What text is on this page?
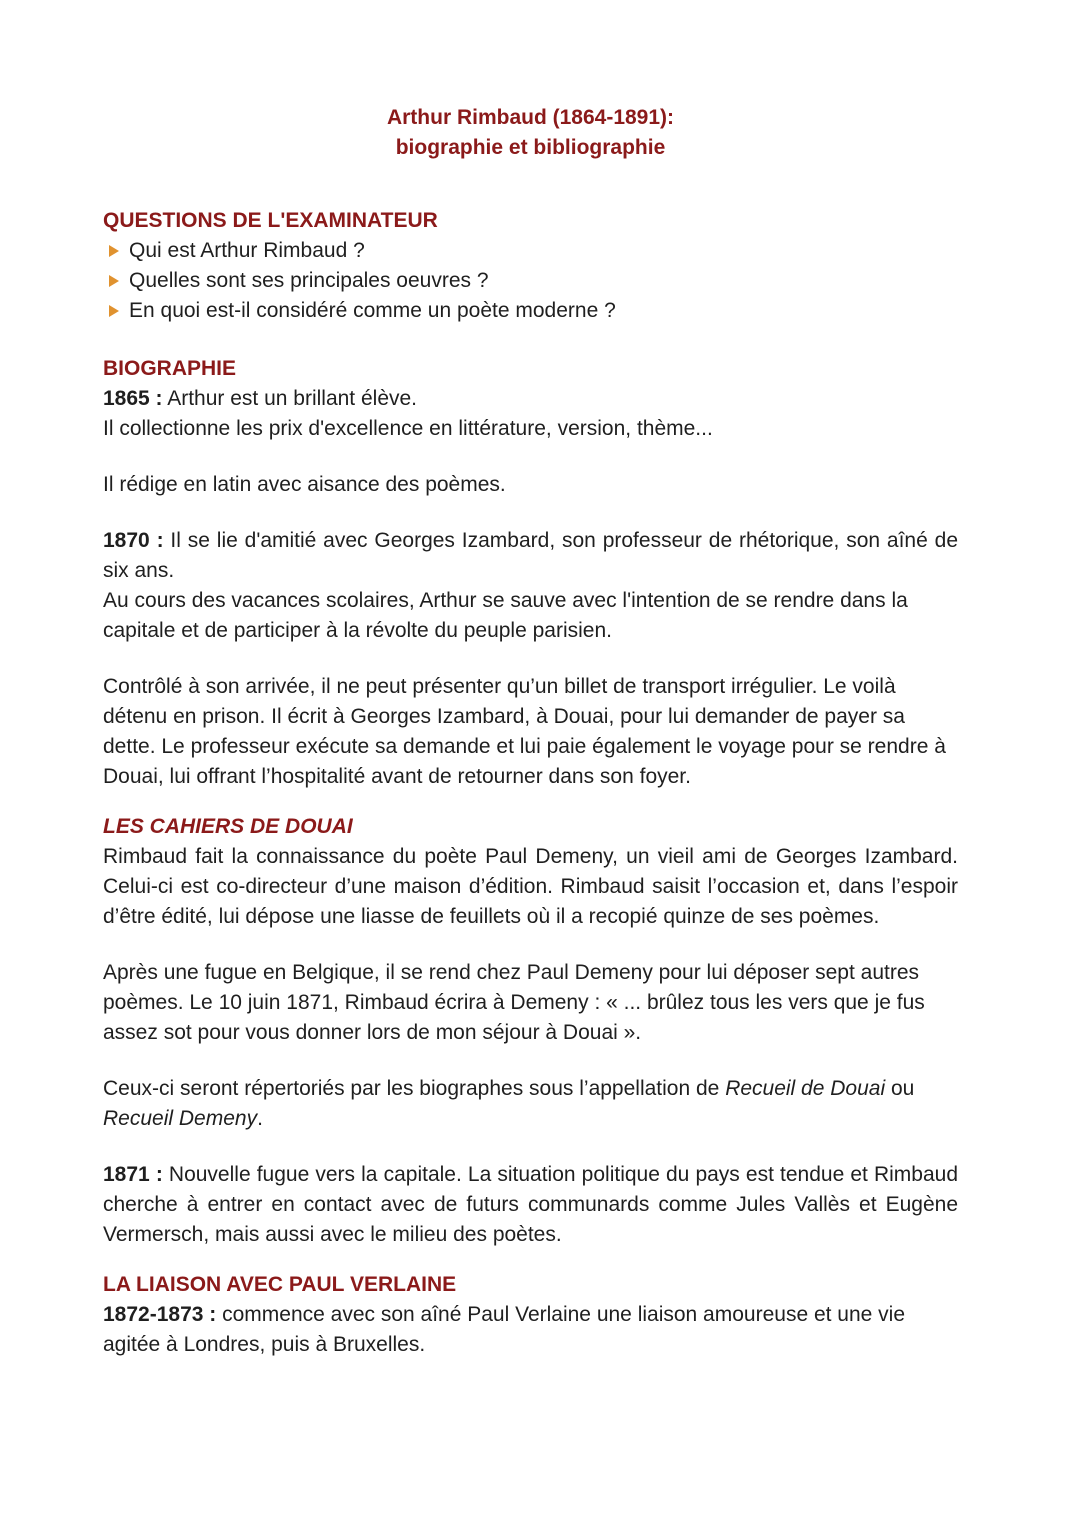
Arthur Rimbaud (1864-1891):
biographie et bibliographie
QUESTIONS DE L'EXAMINATEUR
Qui est Arthur Rimbaud ?
Quelles sont ses principales oeuvres ?
En quoi est-il considéré comme un poète moderne ?
BIOGRAPHIE

1865 : Arthur est un brillant élève.

Il collectionne les prix d'excellence en littérature, version, thème...

Il rédige en latin avec aisance des poèmes.

1870 : Il se lie d'amitié avec Georges Izambard, son professeur de rhétorique, son aîné de six ans.

Au cours des vacances scolaires, Arthur se sauve avec l'intention de se rendre dans la capitale et de participer à la révolte du peuple parisien.

Contrôlé à son arrivée, il ne peut présenter qu’un billet de transport irrégulier. Le voilà détenu en prison. Il écrit à Georges Izambard, à Douai, pour lui demander de payer sa dette. Le professeur exécute sa demande et lui paie également le voyage pour se rendre à Douai, lui offrant l’hospitalité avant de retourner dans son foyer.

LES CAHIERS DE DOUAI

Rimbaud fait la connaissance du poète Paul Demeny, un vieil ami de Georges Izambard. Celui-ci est co-directeur d’une maison d’édition. Rimbaud saisit l’occasion et, dans l’espoir d’être édité, lui dépose une liasse de feuillets où il a recopié quinze de ses poèmes.

Après une fugue en Belgique, il se rend chez Paul Demeny pour lui déposer sept autres poèmes. Le 10 juin 1871, Rimbaud écrira à Demeny : « ... brûlez tous les vers que je fus assez sot pour vous donner lors de mon séjour à Douai ».

Ceux-ci seront répertoriés par les biographes sous l’appellation de Recueil de Douai ou Recueil Demeny.

1871 : Nouvelle fugue vers la capitale. La situation politique du pays est tendue et Rimbaud cherche à entrer en contact avec de futurs communards comme Jules Vallès et Eugène Vermersch, mais aussi avec le milieu des poètes.

LA LIAISON AVEC PAUL VERLAINE

1872-1873 : commence avec son aîné Paul Verlaine une liaison amoureuse et une vie agitée à Londres, puis à Bruxelles.
